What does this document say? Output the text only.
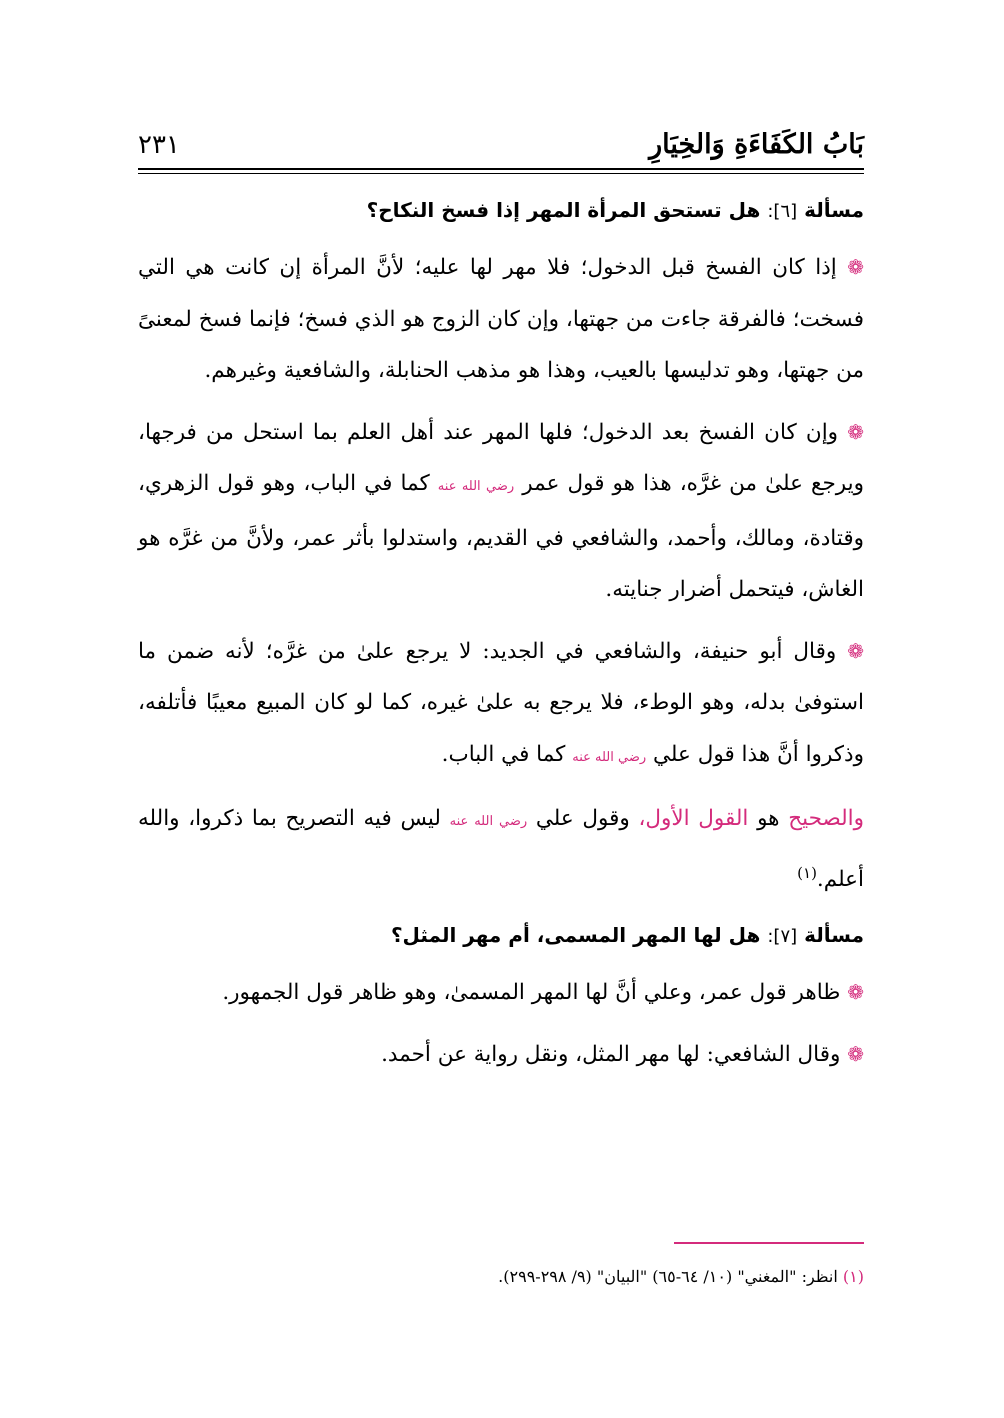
بَابُ الكَفَاءَةِ وَالخِيَارِ
٢٣١
مسألة [٦]: هل تستحق المرأة المهر إذا فسخ النكاح؟

❁ إذا كان الفسخ قبل الدخول؛ فلا مهر لها عليه؛ لأنَّ المرأة إن كانت هي التي فسخت؛ فالفرقة جاءت من جهتها، وإن كان الزوج هو الذي فسخ؛ فإنما فسخ لمعنىً من جهتها، وهو تدليسها بالعيب، وهذا هو مذهب الحنابلة، والشافعية وغيرهم.

❁ وإن كان الفسخ بعد الدخول؛ فلها المهر عند أهل العلم بما استحل من فرجها، ويرجع علىٰ من غرَّه، هذا هو قول عمر رضي الله عنه كما في الباب، وهو قول الزهري، وقتادة، ومالك، وأحمد، والشافعي في القديم، واستدلوا بأثر عمر، ولأنَّ من غرَّه هو الغاش، فيتحمل أضرار جنايته.

❁ وقال أبو حنيفة، والشافعي في الجديد: لا يرجع علىٰ من غرَّه؛ لأنه ضمن ما استوفىٰ بدله، وهو الوطء، فلا يرجع به علىٰ غيره، كما لو كان المبيع معيبًا فأتلفه، وذكروا أنَّ هذا قول علي رضي الله عنه كما في الباب.

والصحيح هو القول الأول، وقول علي رضي الله عنه ليس فيه التصريح بما ذكروا، والله أعلم.$^{(١)}$

مسألة [٧]: هل لها المهر المسمى، أم مهر المثل؟

❁ ظاهر قول عمر، وعلي أنَّ لها المهر المسمىٰ، وهو ظاهر قول الجمهور.

❁ وقال الشافعي: لها مهر المثل، ونقل رواية عن أحمد.

(١) انظر: "المغني" (١٠/ ٦٤-٦٥) "البيان" (٩/ ٢٩٨-٢٩٩).
